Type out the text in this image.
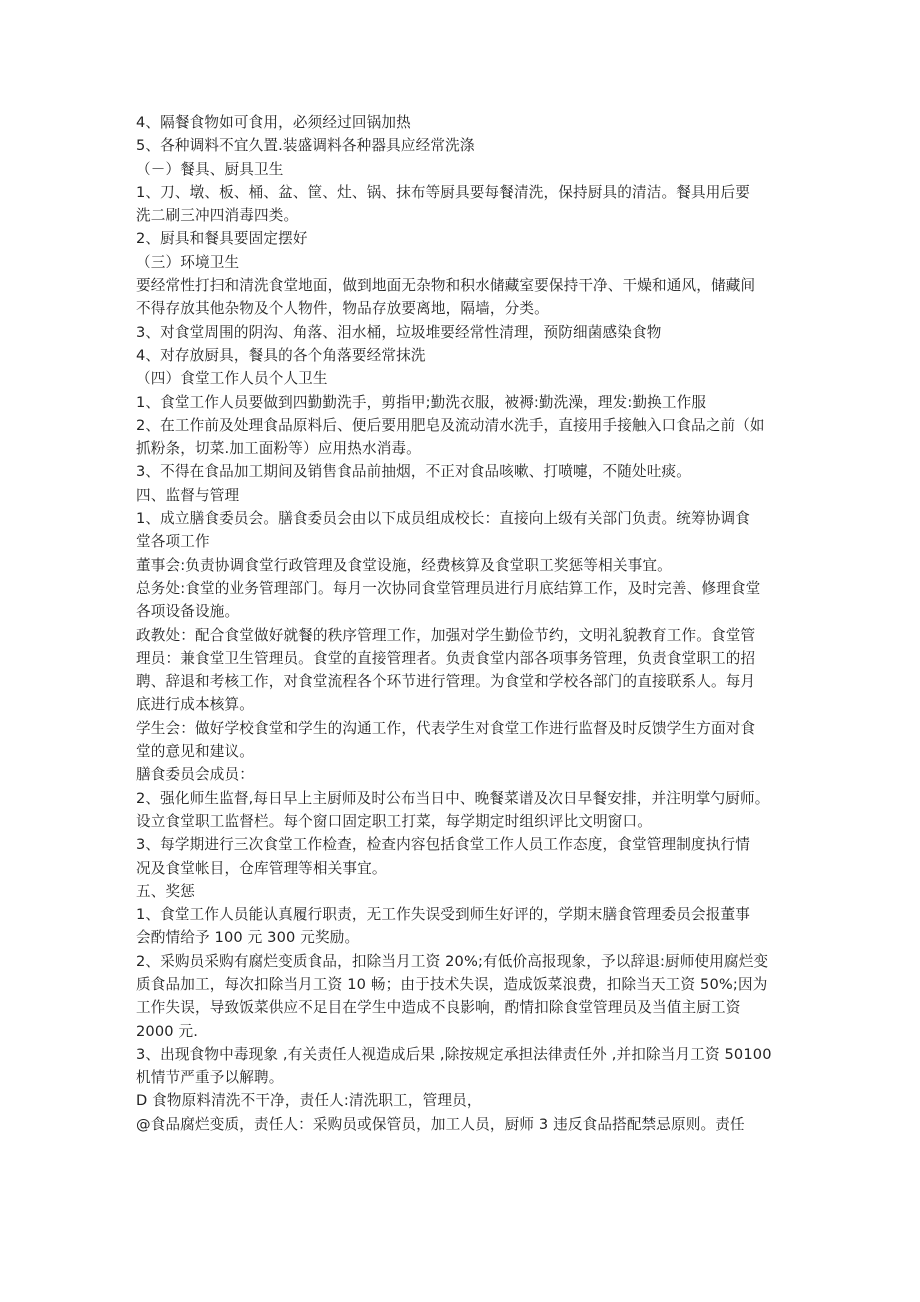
4、隔餐食物如可食用，必须经过回锅加热
5、各种调料不宜久置.装盛调料各种器具应经常洗涤
（－）餐具、厨具卫生
1、刀、墩、板、桶、盆、筐、灶、锅、抹布等厨具要每餐清洗，保持厨具的清洁。餐具用后要
洗二刷三冲四消毒四类。
2、厨具和餐具要固定摆好
（三）环境卫生
要经常性打扫和清洗食堂地面，做到地面无杂物和积水储藏室要保持干净、干燥和通风，储藏间
不得存放其他杂物及个人物件，物品存放要离地，隔墙，分类。
3、对食堂周围的阴沟、角落、泪水桶，垃圾堆要经常性清理，预防细菌感染食物
4、对存放厨具，餐具的各个角落要经常抹洗
（四）食堂工作人员个人卫生
1、食堂工作人员要做到四勤勤洗手，剪指甲;勤洗衣服，被褥:勤洗澡，理发:勤换工作服
2、在工作前及处理食品原料后、便后要用肥皂及流动清水洗手，直接用手接触入口食品之前（如
抓粉条，切菜.加工面粉等）应用热水消毒。
3、不得在食品加工期间及销售食品前抽烟，不正对食品咳嗽、打喷嚏，不随处吐痰。
四、监督与管理
1、成立膳食委员会。膳食委员会由以下成员组成校长：直接向上级有关部门负责。统筹协调食
堂各项工作
董事会:负责协调食堂行政管理及食堂设施，经费核算及食堂职工奖惩等相关事宜。
总务处:食堂的业务管理部门。每月一次协同食堂管理员进行月底结算工作，及时完善、修理食堂
各项设备设施。
政教处：配合食堂做好就餐的秩序管理工作，加强对学生勤俭节约，文明礼貌教育工作。食堂管
理员：兼食堂卫生管理员。食堂的直接管理者。负责食堂内部各项事务管理，负责食堂职工的招
聘、辞退和考核工作，对食堂流程各个环节进行管理。为食堂和学校各部门的直接联系人。每月
底进行成本核算。
学生会：做好学校食堂和学生的沟通工作，代表学生对食堂工作进行监督及时反馈学生方面对食
堂的意见和建议。
膳食委员会成员：
2、强化师生监督,每日早上主厨师及时公布当日中、晚餐菜谱及次日早餐安排，并注明掌勺厨师。
设立食堂职工监督栏。每个窗口固定职工打菜，每学期定时组织评比文明窗口。
3、每学期进行三次食堂工作检查，检查内容包括食堂工作人员工作态度，食堂管理制度执行情
况及食堂帐目，仓库管理等相关事宜。
五、奖惩
1、食堂工作人员能认真履行职责，无工作失误受到师生好评的，学期末膳食管理委员会报董事
会酌情给予 100 元 300 元奖励。
2、采购员采购有腐烂变质食品，扣除当月工资 20%;有低价高报现象，予以辞退:厨师使用腐烂变
质食品加工，每次扣除当月工资 10 畅；由于技术失误，造成饭菜浪费，扣除当天工资 50%;因为
工作失误，导致饭菜供应不足目在学生中造成不良影响，酌情扣除食堂管理员及当值主厨工资
2000 元.
3、出现食物中毒现象 ,有关责任人视造成后果 ,除按规定承担法律责任外 ,并扣除当月工资 50100
机情节严重予以解聘。
D 食物原料清洗不干净，责任人:清洗职工，管理员，
@食品腐烂变质，责任人：采购员或保管员，加工人员，厨师 3 违反食品搭配禁忌原则。责任
